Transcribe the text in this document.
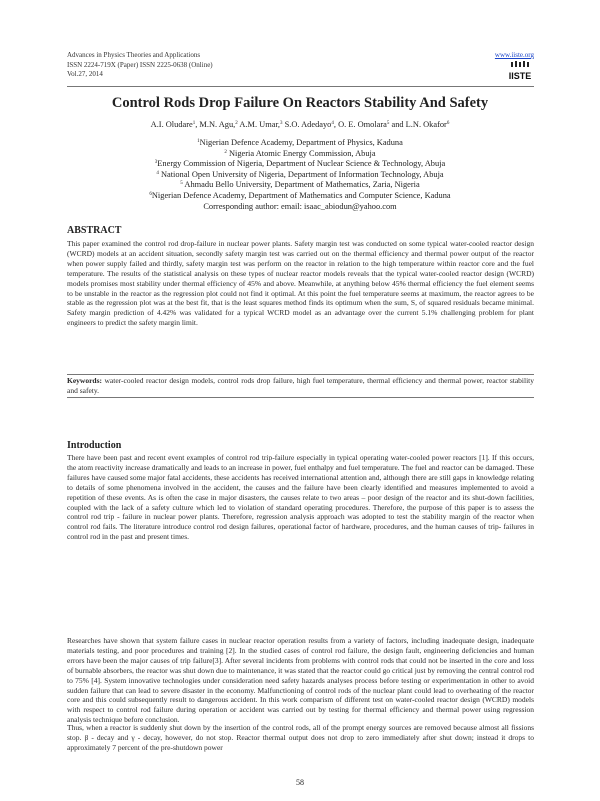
Advances in Physics Theories and Applications
ISSN 2224-719X (Paper) ISSN 2225-0638 (Online)
Vol.27, 2014
www.iiste.org
IISTE
Control Rods Drop Failure On Reactors Stability And Safety
A.I. Oludare$^1$, M.N. Agu,$^2$ A.M. Umar,$^3$ S.O. Adedayo$^4$, O. E. Omolara$^5$ and L.N. Okafor$^6$
$^1$Nigerian Defence Academy, Department of Physics, Kaduna
$^2$ Nigeria Atomic Energy Commission, Abuja
$^3$Energy Commission of Nigeria, Department of Nuclear Science & Technology, Abuja
$^4$ National Open University of Nigeria, Department of Information Technology, Abuja
$^5$ Ahmadu Bello University, Department of Mathematics, Zaria, Nigeria
$^6$Nigerian Defence Academy, Department of Mathematics and Computer Science, Kaduna
Corresponding author: email: isaac_abiodun@yahoo.com
ABSTRACT

This paper examined the control rod drop-failure in nuclear power plants. Safety margin test was conducted on some typical water-cooled reactor design (WCRD) models at an accident situation, secondly safety margin test was carried out on the thermal efficiency and thermal power output of the reactor when power supply failed and thirdly, safety margin test was perform on the reactor in relation to the high temperature within reactor core and the fuel temperature. The results of the statistical analysis on these types of nuclear reactor models reveals that the typical water-cooled reactor design (WCRD) models promises most stability under thermal efficiency of 45% and above. Meanwhile, at anything below 45% thermal efficiency the fuel element seems to be unstable in the reactor as the regression plot could not find it optimal. At this point the fuel temperature seems at maximum, the reactor agrees to be stable as the regression plot was at the best fit, that is the least squares method finds its optimum when the sum, S, of squared residuals became minimal. Safety margin prediction of 4.42% was validated for a typical WCRD model as an advantage over the current 5.1% challenging problem for plant engineers to predict the safety margin limit.

Keywords: water-cooled reactor design models, control rods drop failure, high fuel temperature, thermal efficiency and thermal power, reactor stability and safety.
Introduction

There have been past and recent event examples of control rod trip-failure especially in typical operating water-cooled power reactors [1]. If this occurs, the atom reactivity increase dramatically and leads to an increase in power, fuel enthalpy and fuel temperature. The fuel and reactor can be damaged. These failures have caused some major fatal accidents, these accidents has received international attention and, although there are still gaps in knowledge relating to details of some phenomena involved in the accident, the causes and the failure have been clearly identified and measures implemented to avoid a repetition of these events. As is often the case in major disasters, the causes relate to two areas – poor design of the reactor and its shut-down facilities, coupled with the lack of a safety culture which led to violation of standard operating procedures. Therefore, the purpose of this paper is to assess the control rod trip - failure in nuclear power plants. Therefore, regression analysis approach was adopted to test the stability margin of the reactor when control rod fails. The literature introduce control rod design failures, operational factor of hardware, procedures, and the human causes of trip- failures in control rod in the past and present times.

Researches have shown that system failure cases in nuclear reactor operation results from a variety of factors, including inadequate design, inadequate materials testing, and poor procedures and training [2]. In the studied cases of control rod failure, the design fault, engineering deficiencies and human errors have been the major causes of trip failure[3]. After several incidents from problems with control rods that could not be inserted in the core and loss of burnable absorbers, the reactor was shut down due to maintenance, it was stated that the reactor could go critical just by removing the central control rod to 75% [4]. System innovative technologies under consideration need safety hazards analyses process before testing or experimentation in other to avoid sudden failure that can lead to severe disaster in the economy. Malfunctioning of control rods of the nuclear plant could lead to overheating of the reactor core and this could subsequently result to dangerous accident. In this work comparism of different test on water-cooled reactor design (WCRD) models with respect to control rod failure during operation or accident was carried out by testing for thermal efficiency and thermal power using regression analysis technique before conclusion.

Thus, when a reactor is suddenly shut down by the insertion of the control rods, all of the prompt energy sources are removed because almost all fissions stop. β - decay and γ - decay, however, do not stop. Reactor thermal output does not drop to zero immediately after shut down; instead it drops to approximately 7 percent of the pre-shutdown power

58
